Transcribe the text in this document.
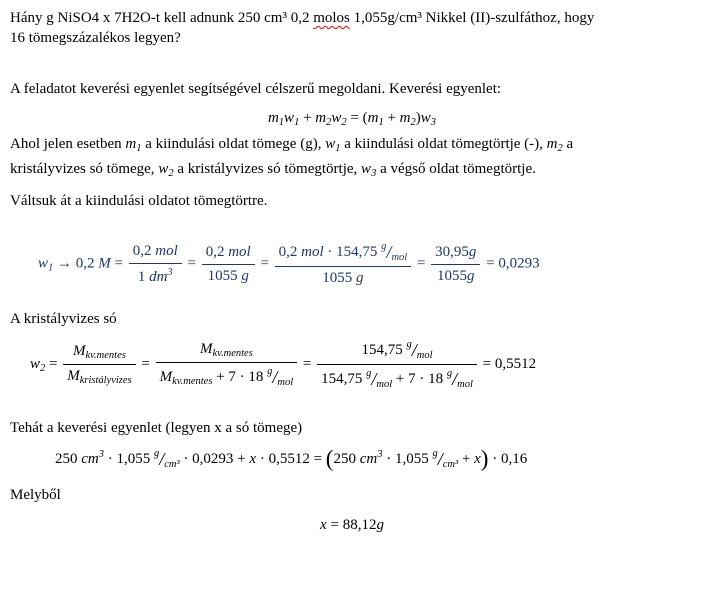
Hány g NiSO4 x 7H2O-t kell adnunk 250 cm³ 0,2 molos 1,055g/cm³ Nikkel (II)-szulfáthoz, hogy
16 tömegszázalékos legyen?

A feladatot keverési egyenlet segítségével célszerű megoldani. Keverési egyenlet:

$m_1w_1 + m_2w_2 = (m_1 + m_2)w_3$

Ahol jelen esetben $m_1$ a kiindulási oldat tömege (g), $w_1$ a kiindulási oldat tömegtörtje (-), $m_2$ a
kristályvizes só tömege, $w_2$ a kristályvizes só tömegtörtje, $w_3$ a végső oldat tömegtörtje.

Váltsuk át a kiindulási oldatot tömegtörtre.

$w_1 \to 0,2$ $M = \frac{\text{0,2 mol}}{1 dm^3} = \frac{\text{0,2 mol}}{1055 g} = \frac{0,2 mol \cdot 154,75 ^g/_{mol}}{1055 g} = \frac{30,95g}{1055g} = 0,0293$

A kristályvizes só

$w_2 = \frac{M_{kv.mentes}}{M_{kristályvizes}} = \frac{M_{kv.mentes}}{M_{kv.mentes} + 7 \cdot 18 ^g/_{mol}} = \frac{154,75 ^g/_{mol}}{154,75 ^g/_{mol} + 7 \cdot 18 ^g/_{mol}} = 0,5512$

Tehát a keverési egyenlet (legyen x a só tömege)

250 $cm^3 \cdot 1,055$ $^g/_{cm^3} \cdot 0,0293 + x \cdot 0,5512 = (250$ $cm^3 \cdot 1,055$ $^g/_{cm^3} + x) \cdot 0,16$

Melyből

x = 88,12g
